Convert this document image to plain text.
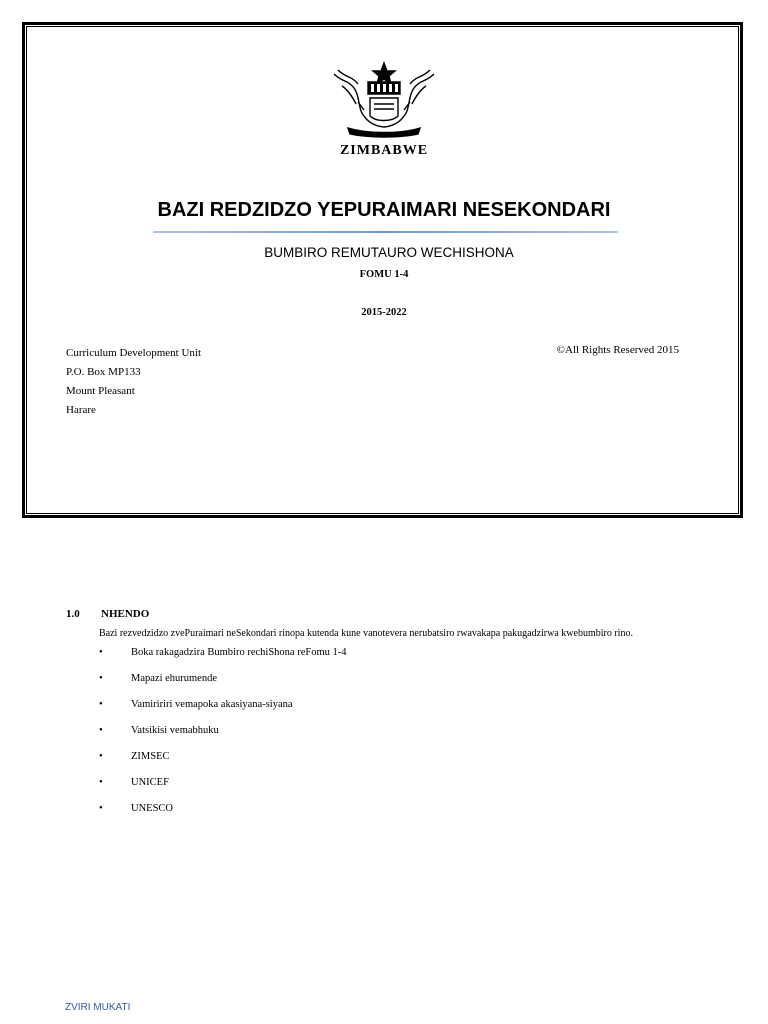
ZIMBABWE
BAZI REDZIDZO YEPURAIMARI NESEKONDARI
BUMBIRO REMUTAURO WECHISHONA
FOMU 1-4
2015-2022
Curriculum Development Unit
P.O. Box MP133
Mount Pleasant
Harare
©All Rights Reserved 2015
1.0 NHENDO
Bazi rezvedzidzo zvePuraimari neSekondari rinopa kutenda kune vanotevera nerubatsiro rwavakapa pakugadzirwa kwebumbiro rino.
•	Boka rakagadzira Bumbiro rechiShona reFomu 1-4
•	Mapazi ehurumende
•	Vamiririri vemapoka akasiyana-siyana
•	Vatsikisi vemabhuku
•	ZIMSEC
•	UNICEF
•	UNESCO
ZVIRI MUKATI
